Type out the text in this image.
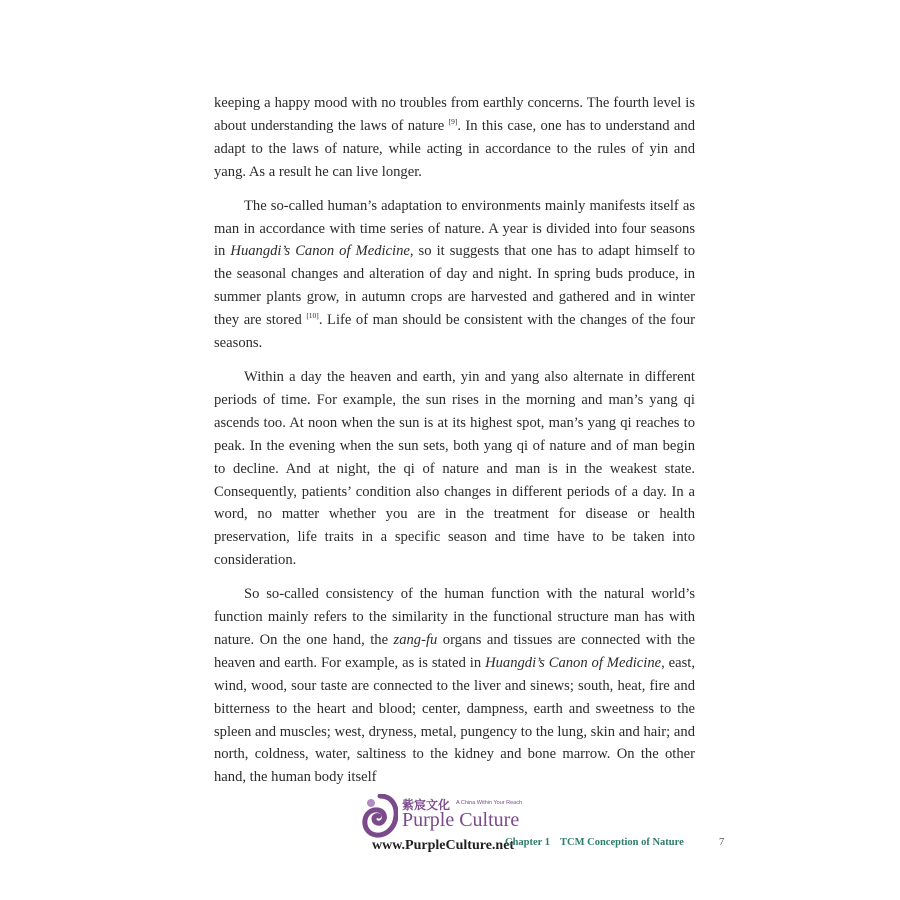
keeping a happy mood with no troubles from earthly concerns. The fourth level is about understanding the laws of nature [9]. In this case, one has to understand and adapt to the laws of nature, while acting in accordance to the rules of yin and yang. As a result he can live longer.

The so-called human’s adaptation to environments mainly manifests itself as man in accordance with time series of nature. A year is divided into four seasons in Huangdi’s Canon of Medicine, so it suggests that one has to adapt himself to the seasonal changes and alteration of day and night. In spring buds produce, in summer plants grow, in autumn crops are harvested and gathered and in winter they are stored [10]. Life of man should be consistent with the changes of the four seasons.

Within a day the heaven and earth, yin and yang also alternate in different periods of time. For example, the sun rises in the morning and man’s yang qi ascends too. At noon when the sun is at its highest spot, man’s yang qi reaches to peak. In the evening when the sun sets, both yang qi of nature and of man begin to decline. And at night, the qi of nature and man is in the weakest state. Consequently, patients’ condition also changes in different periods of a day. In a word, no matter whether you are in the treatment for disease or health preservation, life traits in a specific season and time have to be taken into consideration.

So so-called consistency of the human function with the natural world’s function mainly refers to the similarity in the functional structure man has with nature. On the one hand, the zang-fu organs and tissues are connected with the heaven and earth. For example, as is stated in Huangdi’s Canon of Medicine, east, wind, wood, sour taste are connected to the liver and sinews; south, heat, fire and bitterness to the heart and blood; center, dampness, earth and sweetness to the spleen and muscles; west, dryness, metal, pungency to the lung, skin and hair; and north, coldness, water, saltiness to the kidney and bone marrow. On the other hand, the human body itself

紫宸文化 A China Within Your Reach
Purple Culture
www.PurpleCulture.net
Chapter 1 TCM Conception of Nature	7
